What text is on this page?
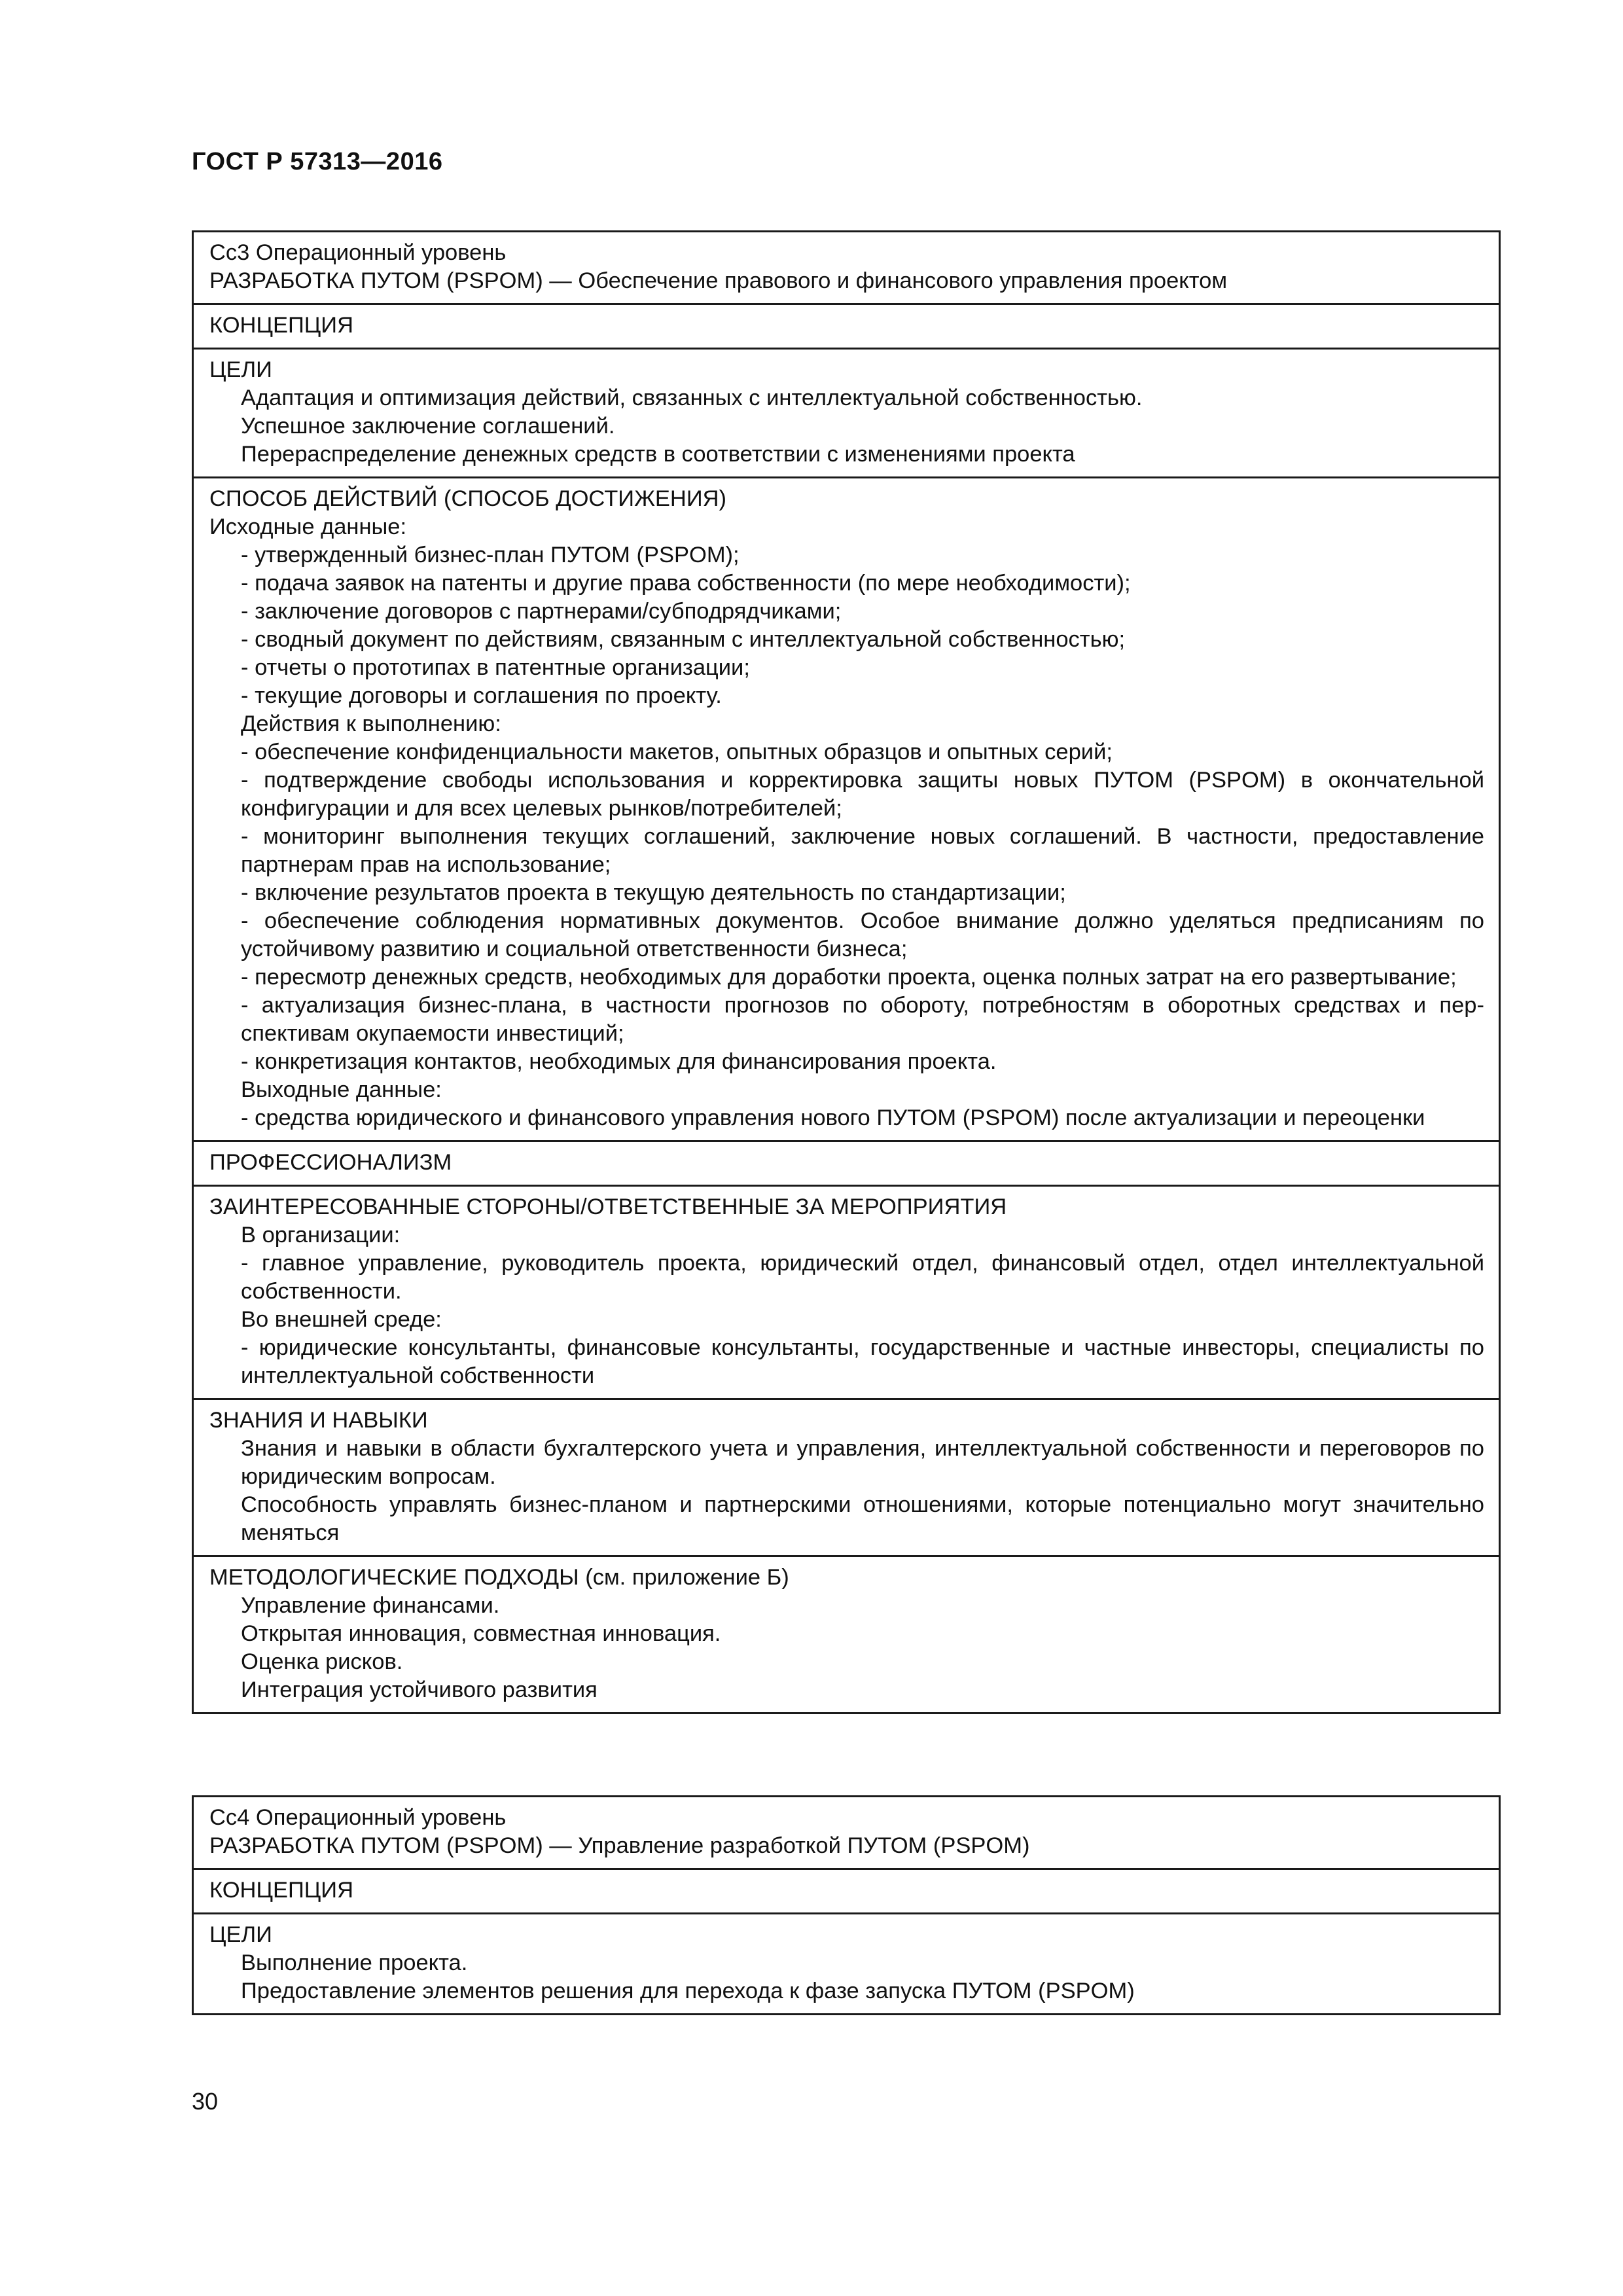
ГОСТ Р 57313—2016
Сс3 Операционный уровень
РАЗРАБОТКА ПУТОМ (PSPOM) — Обеспечение правового и финансового управления проектом
КОНЦЕПЦИЯ
ЦЕЛИ
Адаптация и оптимизация действий, связанных с интеллектуальной собственностью.
Успешное заключение соглашений.
Перераспределение денежных средств в соответствии с изменениями проекта
СПОСОБ ДЕЙСТВИЙ (СПОСОБ ДОСТИЖЕНИЯ)
Исходные данные:
- утвержденный бизнес-план ПУТОМ (PSPOM);
- подача заявок на патенты и другие права собственности (по мере необходимости);
- заключение договоров с партнерами/субподрядчиками;
- сводный документ по действиям, связанным с интеллектуальной собственностью;
- отчеты о прототипах в патентные организации;
- текущие договоры и соглашения по проекту.
Действия к выполнению:
- обеспечение конфиденциальности макетов, опытных образцов и опытных серий;
- подтверждение свободы использования и корректировка защиты новых ПУТОМ (PSPOM) в окончательной конфигурации и для всех целевых рынков/потребителей;
- мониторинг выполнения текущих соглашений, заключение новых соглашений. В частности, предоставление партнерам прав на использование;
- включение результатов проекта в текущую деятельность по стандартизации;
- обеспечение соблюдения нормативных документов. Особое внимание должно уделяться предписаниям по устойчивому развитию и социальной ответственности бизнеса;
- пересмотр денежных средств, необходимых для доработки проекта, оценка полных затрат на его развертывание;
- актуализация бизнес-плана, в частности прогнозов по обороту, потребностям в оборотных средствах и перспективам окупаемости инвестиций;
- конкретизация контактов, необходимых для финансирования проекта.
Выходные данные:
- средства юридического и финансового управления нового ПУТОМ (PSPOM) после актуализации и переоценки
ПРОФЕССИОНАЛИЗМ
ЗАИНТЕРЕСОВАННЫЕ СТОРОНЫ/ОТВЕТСТВЕННЫЕ ЗА МЕРОПРИЯТИЯ
В организации:
- главное управление, руководитель проекта, юридический отдел, финансовый отдел, отдел интеллектуальной собственности.
Во внешней среде:
- юридические консультанты, финансовые консультанты, государственные и частные инвесторы, специалисты по интеллектуальной собственности
ЗНАНИЯ И НАВЫКИ
Знания и навыки в области бухгалтерского учета и управления, интеллектуальной собственности и переговоров по юридическим вопросам.
Способность управлять бизнес-планом и партнерскими отношениями, которые потенциально могут значительно меняться
МЕТОДОЛОГИЧЕСКИЕ ПОДХОДЫ (см. приложение Б)
Управление финансами.
Открытая инновация, совместная инновация.
Оценка рисков.
Интеграция устойчивого развития
Сс4 Операционный уровень
РАЗРАБОТКА ПУТОМ (PSPOM) — Управление разработкой ПУТОМ (PSPOM)
КОНЦЕПЦИЯ
ЦЕЛИ
Выполнение проекта.
Предоставление элементов решения для перехода к фазе запуска ПУТОМ (PSPOM)
30
